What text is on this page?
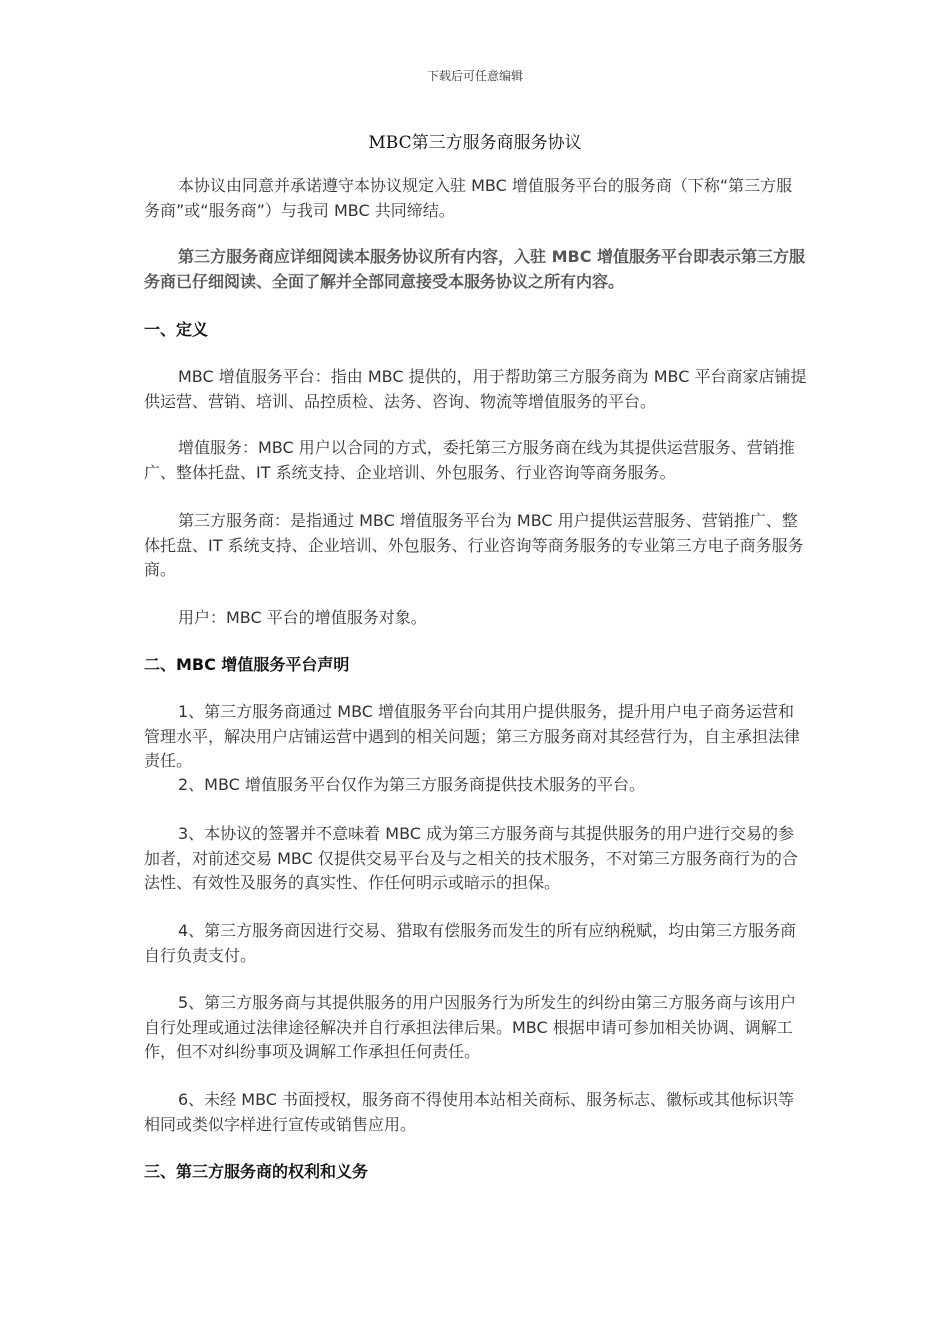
下载后可任意编辑
MBC第三方服务商服务协议

本协议由同意并承诺遵守本协议规定入驻 MBC 增值服务平台的服务商（下称“第三方服务商”或“服务商”）与我司 MBC 共同缔结。

第三方服务商应详细阅读本服务协议所有内容，入驻 MBC 增值服务平台即表示第三方服务商已仔细阅读、全面了解并全部同意接受本服务协议之所有内容。

一、定义

MBC 增值服务平台：指由 MBC 提供的，用于帮助第三方服务商为 MBC 平台商家店铺提供运营、营销、培训、品控质检、法务、咨询、物流等增值服务的平台。

增值服务：MBC 用户以合同的方式，委托第三方服务商在线为其提供运营服务、营销推广、整体托盘、IT 系统支持、企业培训、外包服务、行业咨询等商务服务。

第三方服务商：是指通过 MBC 增值服务平台为 MBC 用户提供运营服务、营销推广、整体托盘、IT 系统支持、企业培训、外包服务、行业咨询等商务服务的专业第三方电子商务服务商。

用户：MBC 平台的增值服务对象。

二、MBC 增值服务平台声明

1、第三方服务商通过 MBC 增值服务平台向其用户提供服务，提升用户电子商务运营和管理水平，解决用户店铺运营中遇到的相关问题；第三方服务商对其经营行为，自主承担法律责任。

2、MBC 增值服务平台仅作为第三方服务商提供技术服务的平台。

3、本协议的签署并不意味着 MBC 成为第三方服务商与其提供服务的用户进行交易的参加者，对前述交易 MBC 仅提供交易平台及与之相关的技术服务，不对第三方服务商行为的合法性、有效性及服务的真实性、作任何明示或暗示的担保。

4、第三方服务商因进行交易、猎取有偿服务而发生的所有应纳税赋，均由第三方服务商自行负责支付。

5、第三方服务商与其提供服务的用户因服务行为所发生的纠纷由第三方服务商与该用户自行处理或通过法律途径解决并自行承担法律后果。MBC 根据申请可参加相关协调、调解工作，但不对纠纷事项及调解工作承担任何责任。

6、未经 MBC 书面授权，服务商不得使用本站相关商标、服务标志、徽标或其他标识等相同或类似字样进行宣传或销售应用。

三、第三方服务商的权利和义务
